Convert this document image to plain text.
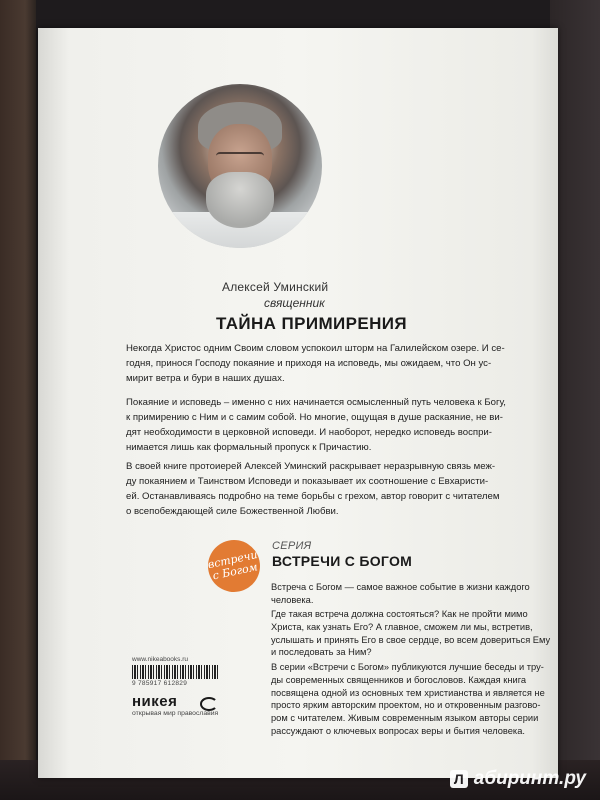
Алексей Уминский
священник
ТАЙНА ПРИМИРЕНИЯ

Некогда Христос одним Своим словом успокоил шторм на Галилейском озере. И се-
годня, принося Господу покаяние и приходя на исповедь, мы ожидаем, что Он ус-
мирит ветра и бури в наших душах.

Покаяние и исповедь – именно с них начинается осмысленный путь человека к Богу,
к примирению с Ним и с самим собой. Но многие, ощущая в душе раскаяние, не ви-
дят необходимости в церковной исповеди. И наоборот, нередко исповедь воспри-
нимается лишь как формальный пропуск к Причастию.

В своей книге протоиерей Алексей Уминский раскрывает неразрывную связь меж-
ду покаянием и Таинством Исповеди и показывает их соотношение с Евхаристи-
ей. Останавливаясь подробно на теме борьбы с грехом, автор говорит с читателем
о всепобеждающей силе Божественной Любви.

встречи с Богом
СЕРИЯ
ВСТРЕЧИ С БОГОМ

Встреча с Богом — самое важное событие в жизни каждого
человека.

Где такая встреча должна состояться? Как не пройти мимо
Христа, как узнать Его? А главное, сможем ли мы, встретив,
услышать и принять Его в свое сердце, во всем довериться Ему
и последовать за Ним?

В серии «Встречи с Богом» публикуются лучшие беседы и тру-
ды современных священников и богословов. Каждая книга
посвящена одной из основных тем христианства и является не
просто ярким авторским проектом, но и откровенным разгово-
ром с читателем. Живым современным языком авторы серии
рассуждают о ключевых вопросах веры и бытия человека.

www.nikeabooks.ru
9 785917 612829
никея
открывая мир православия
Л абиринт.ру
